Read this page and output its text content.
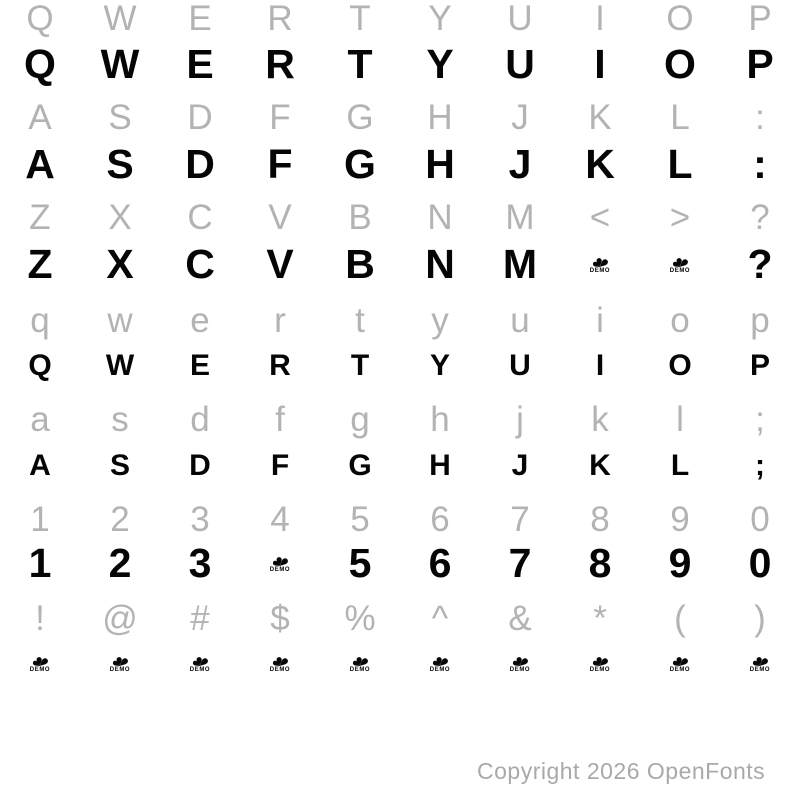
Q W E R T Y U I O P
Q W E R T Y U I O P
A S D F G H J K L :
A S D F G H J K L :
Z X C V B N M < > ?
Z X C V B N M	DEMO	DEMO ?
q w e r t y u i o p
Q W E R T Y U I O P
a s d f g h j k l ;
A S D F G H J K L ;
1 2 3 4 5 6 7 8 9 0
1 2 3	DEMO 5 6 7 8 9 0
! @ # $ % ^ & * ( )
DEMO	DEMO	DEMO	DEMO	DEMO	DEMO	DEMO	DEMO	DEMO	DEMO
Copyright 2026 OpenFonts
